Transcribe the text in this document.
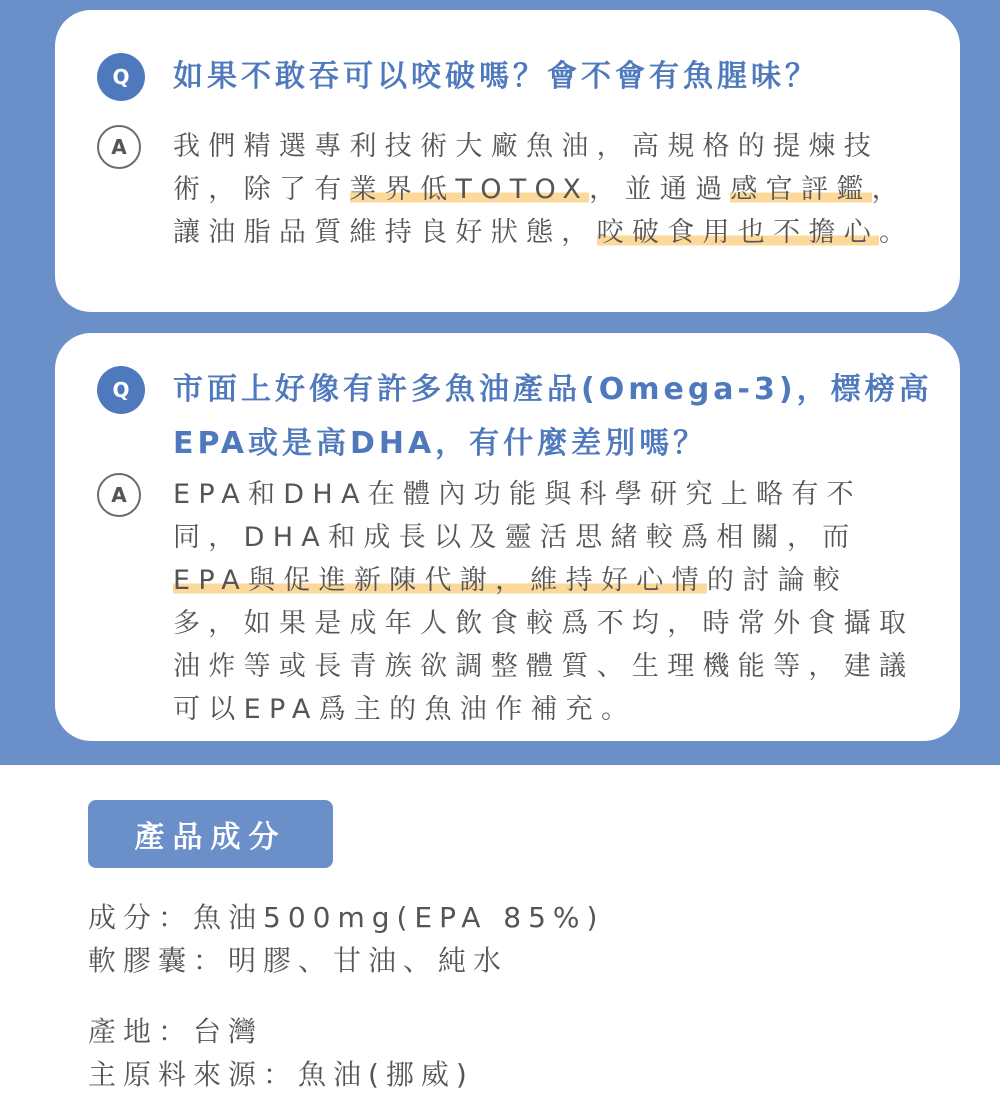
Q	如果不敢吞可以咬破嗎？會不會有魚腥味？
A	我們精選專利技術大廠魚油，高規格的提煉技術，除了有業界低TOTOX，並通過感官評鑑，讓油脂品質維持良好狀態，咬破食用也不擔心。
Q	市面上好像有許多魚油產品(Omega-3)，標榜高EPA或是高DHA，有什麼差別嗎？
A	EPA和DHA在體內功能與科學研究上略有不同，DHA和成長以及靈活思緒較爲相關，而EPA與促進新陳代謝，維持好心情的討論較多，如果是成年人飲食較爲不均，時常外食攝取油炸等或長青族欲調整體質、生理機能等，建議可以EPA爲主的魚油作補充。
產品成分
成分：魚油500mg(EPA 85%)
軟膠囊：明膠、甘油、純水
產地：台灣
主原料來源：魚油(挪威)
